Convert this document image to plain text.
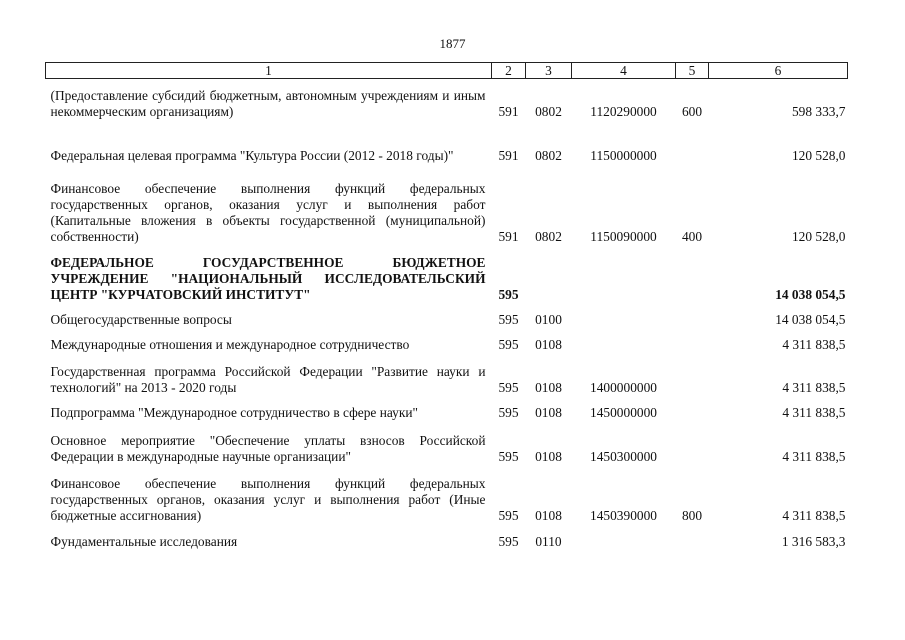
1877
1	2	3	4	5	6
(Предоставление субсидий бюджетным, автономным учреждениям и иным некоммерческим организациям)	591	0802	1120290000	600	598 333,7
Федеральная целевая программа "Культура России (2012 - 2018 годы)"	591	0802	1150000000		120 528,0
Финансовое обеспечение выполнения функций федеральных государственных органов, оказания услуг и выполнения работ (Капитальные вложения в объекты государственной (муниципальной) собственности)	591	0802	1150090000	400	120 528,0
ФЕДЕРАЛЬНОЕ ГОСУДАРСТВЕННОЕ БЮДЖЕТНОЕ УЧРЕЖДЕНИЕ "НАЦИОНАЛЬНЫЙ ИССЛЕДОВАТЕЛЬСКИЙ ЦЕНТР "КУРЧАТОВСКИЙ ИНСТИТУТ"	595				14 038 054,5
Общегосударственные вопросы	595	0100			14 038 054,5
Международные отношения и международное сотрудничество	595	0108			4 311 838,5
Государственная программа Российской Федерации "Развитие науки и технологий" на 2013 - 2020 годы	595	0108	1400000000		4 311 838,5
Подпрограмма "Международное сотрудничество в сфере науки"	595	0108	1450000000		4 311 838,5
Основное мероприятие "Обеспечение уплаты взносов Российской Федерации в международные научные организации"	595	0108	1450300000		4 311 838,5
Финансовое обеспечение выполнения функций федеральных государственных органов, оказания услуг и выполнения работ (Иные бюджетные ассигнования)	595	0108	1450390000	800	4 311 838,5
Фундаментальные исследования	595	0110			1 316 583,3
